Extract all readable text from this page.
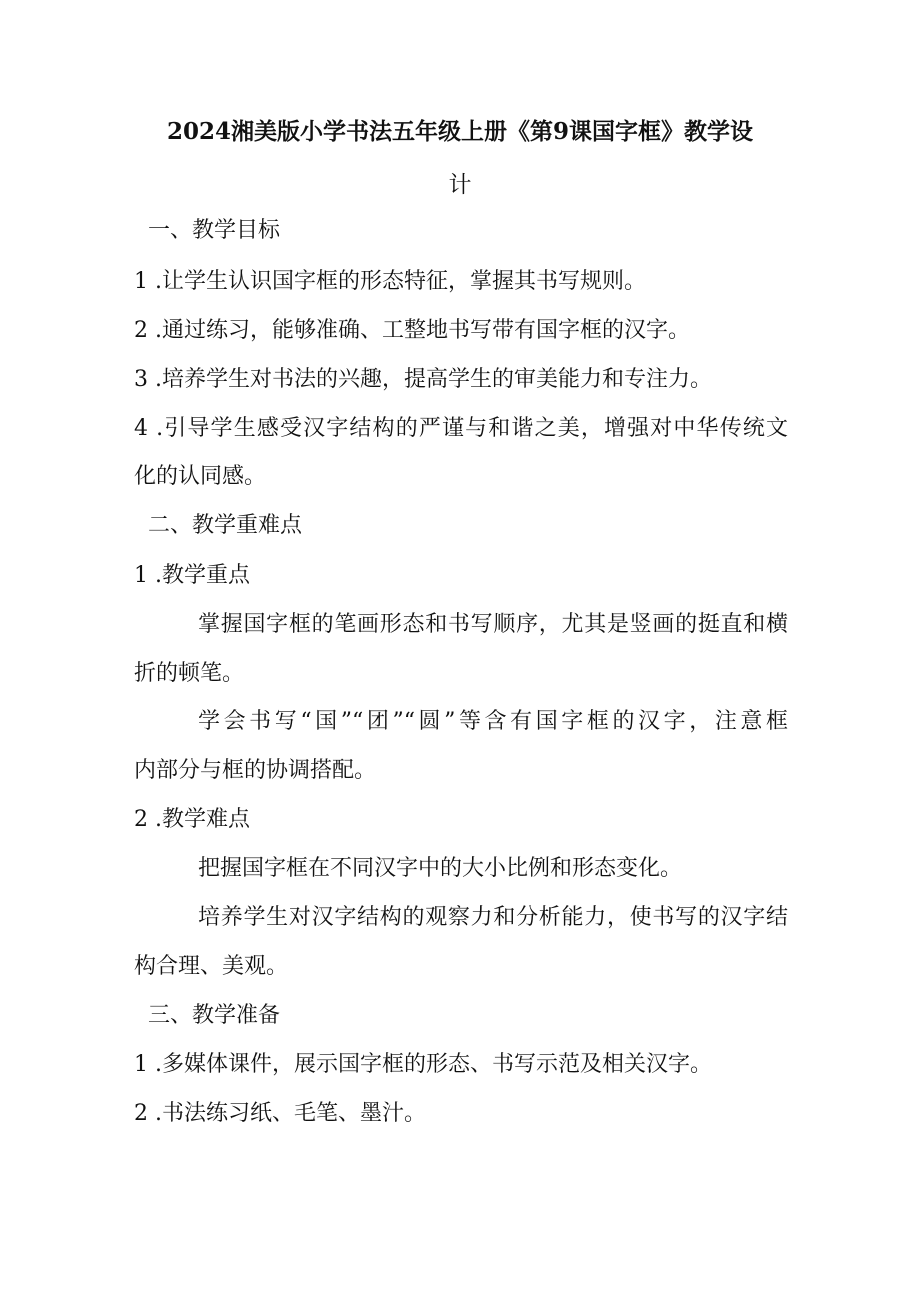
2024湘美版小学书法五年级上册《第9课国字框》教学设

计

一、教学目标

1 .让学生认识国字框的形态特征，掌握其书写规则。

2 .通过练习，能够准确、工整地书写带有国字框的汉字。

3 .培养学生对书法的兴趣，提高学生的审美能力和专注力。

4 .引导学生感受汉字结构的严谨与和谐之美，增强对中华传统文

化的认同感。

二、教学重难点

1 .教学重点

掌握国字框的笔画形态和书写顺序，尤其是竖画的挺直和横

折的顿笔。

学会书写“国”“团”“圆”等含有国字框的汉字，注意框

内部分与框的协调搭配。

2 .教学难点

把握国字框在不同汉字中的大小比例和形态变化。

培养学生对汉字结构的观察力和分析能力，使书写的汉字结

构合理、美观。

三、教学准备

1 .多媒体课件，展示国字框的形态、书写示范及相关汉字。

2 .书法练习纸、毛笔、墨汁。
